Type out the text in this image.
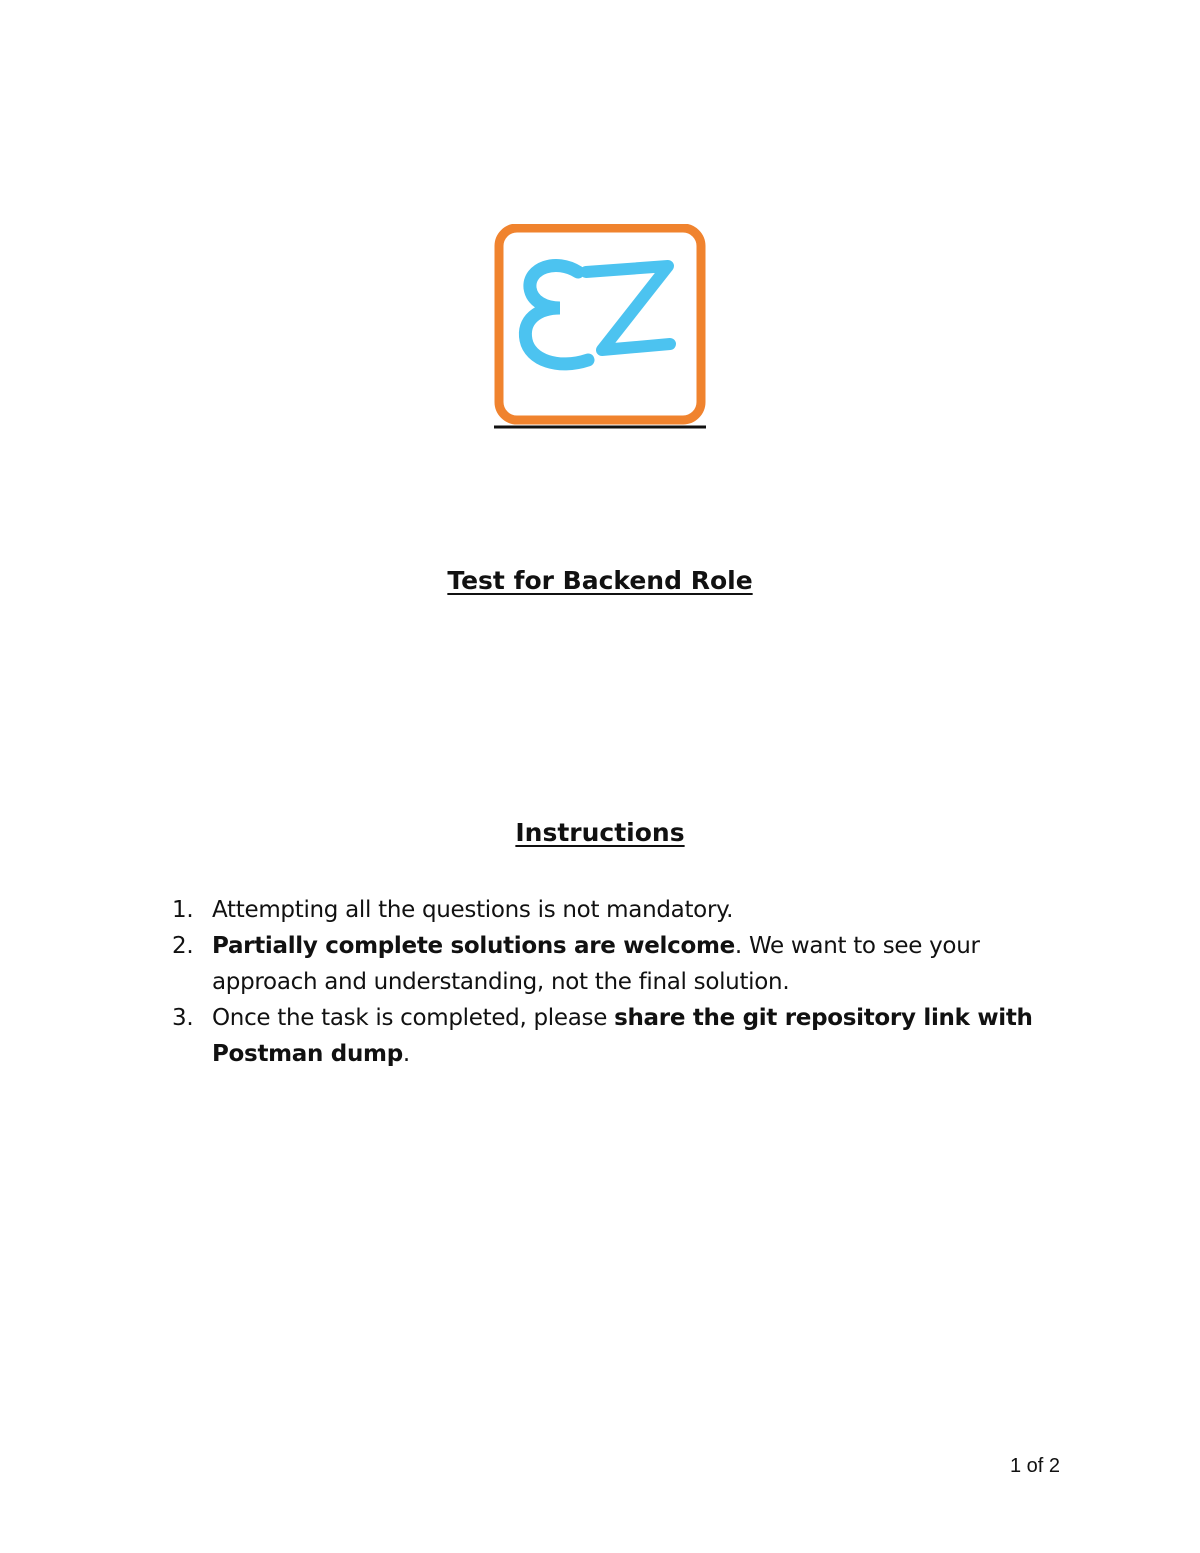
Test for Backend Role
Instructions
1. Attempting all the questions is not mandatory.
2. Partially complete solutions are welcome. We want to see your approach and understanding, not the final solution.
3. Once the task is completed, please share the git repository link with Postman dump.
1 of 2
